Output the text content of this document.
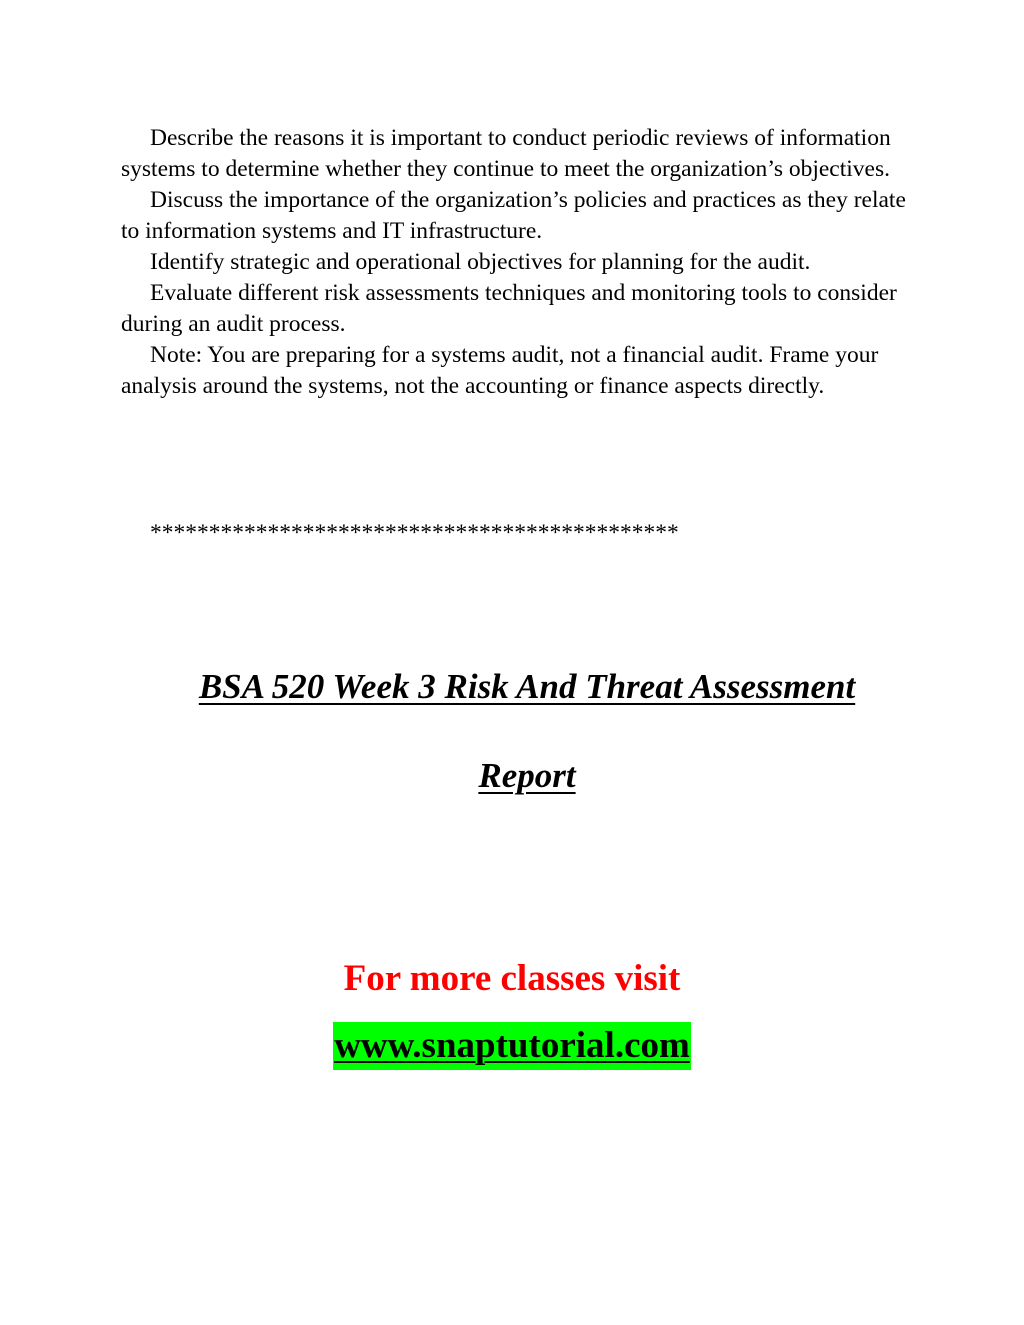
Describe the reasons it is important to conduct periodic reviews of information systems to determine whether they continue to meet the organization’s objectives.

Discuss the importance of the organization’s policies and practices as they relate to information systems and IT infrastructure.

Identify strategic and operational objectives for planning for the audit.

Evaluate different risk assessments techniques and monitoring tools to consider during an audit process.

Note: You are preparing for a systems audit, not a financial audit. Frame your analysis around the systems, not the accounting or finance aspects directly.

*********************************************
BSA 520 Week 3 Risk And Threat Assessment
Report
For more classes visit
www.snaptutorial.com
